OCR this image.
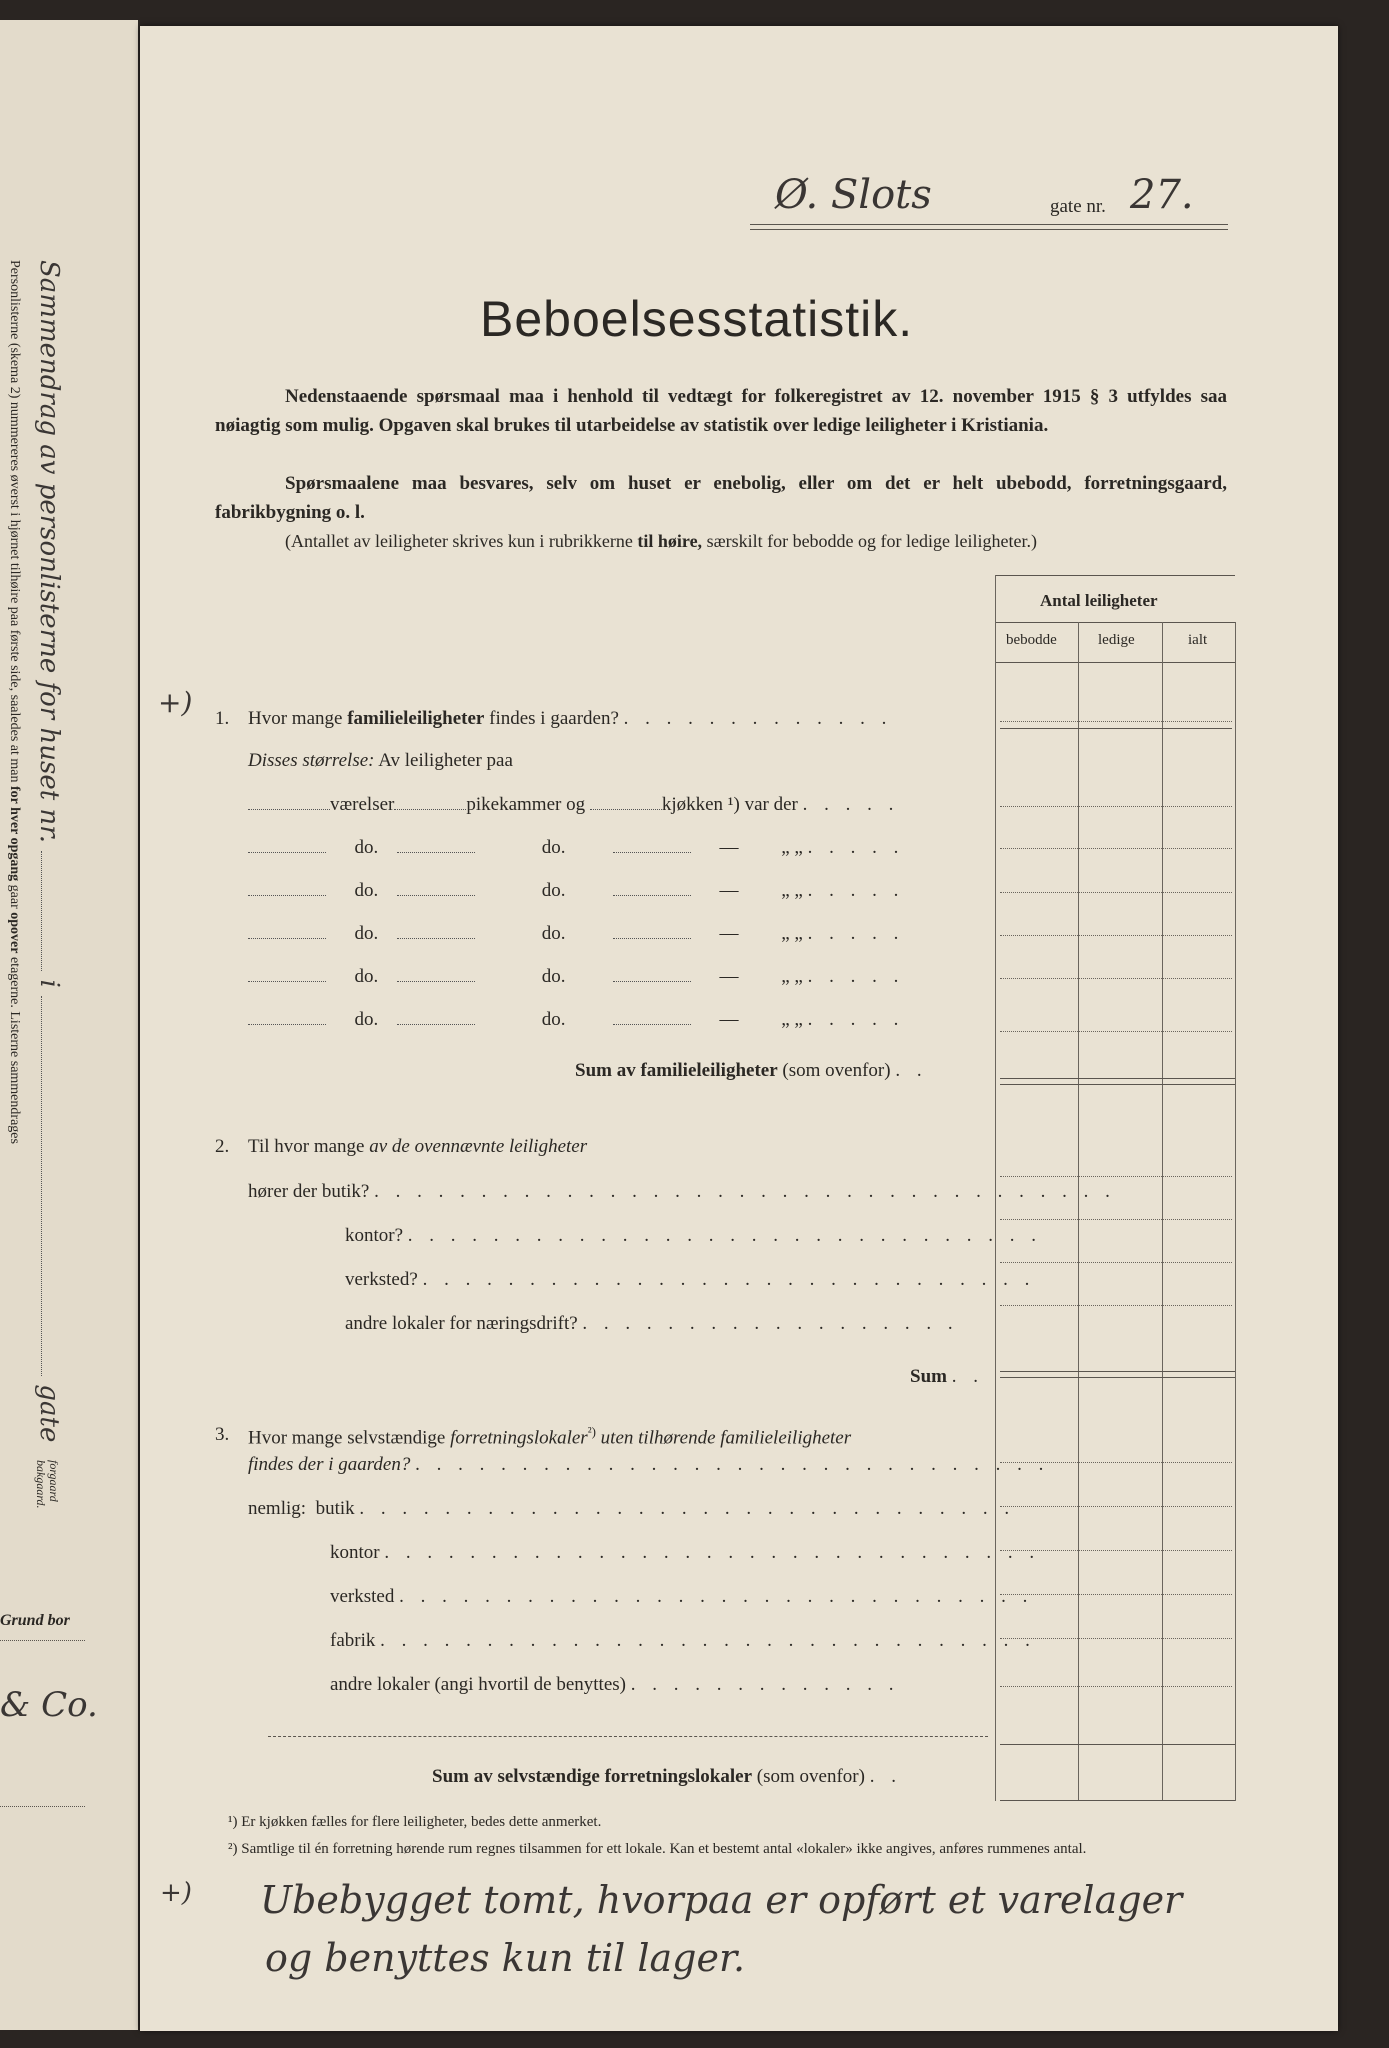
Sammendrag av personlisterne for huset nr.  i  gate
forgaard
bakgaard.
Personlisterne (skema 2) nummereres øverst i hjørnet tilhøire paa første side, saaledes at man for hver opgang gaar opover etagerne. Listerne sammendrages
Grund bor
& Co.
Ø. Slots	gate nr. 27.
Beboelsesstatistik.
Nedenstaaende spørsmaal maa i henhold til vedtægt for folkeregistret av 12. november 1915 § 3 utfyldes saa nøiagtig som mulig. Opgaven skal brukes til utarbeidelse av statistik over ledige leiligheter i Kristiania.
Spørsmaalene maa besvares, selv om huset er enebolig, eller om det er helt ubebodd, forretningsgaard, fabrikbygning o. l.
(Antallet av leiligheter skrives kun i rubrikkerne til høire, særskilt for bebodde og for ledige leiligheter.)
Antal leiligheter
bebodde	ledige	ialt
+) 1. Hvor mange familieleiligheter findes i gaarden? . . . . . . . . . . . . .
Disses størrelse: Av leiligheter paa
værelser	pikekammer og	kjøkken ¹) var der . . . . .
do.	do.	— „ „ . . . . .
do.	do.	— „ „ . . . . .
do.	do.	— „ „ . . . . .
do.	do.	— „ „ . . . . .
do.	do.	— „ „ . . . . .
Sum av familieleiligheter (som ovenfor) . .
2. Til hvor mange av de ovennævnte leiligheter
hører der butik? . . . . . . . . . . . . . . . . . . . . . . . . . . . . . . . . . . .
kontor? . . . . . . . . . . . . . . . . . . . . . . . . . . . . . .
verksted? . . . . . . . . . . . . . . . . . . . . . . . . . . . . .
andre lokaler for næringsdrift? . . . . . . . . . . . . . . . . . .
Sum . .
3. Hvor mange selvstændige forretningslokaler$^{^2)}$ uten tilhørende familieleiligheter
findes der i gaarden? . . . . . . . . . . . . . . . . . . . . . . . . . . . . . .
nemlig: butik . . . . . . . . . . . . . . . . . . . . . . . . . . . . . . .
kontor . . . . . . . . . . . . . . . . . . . . . . . . . . . . . . .
verksted . . . . . . . . . . . . . . . . . . . . . . . . . . . . . .
fabrik . . . . . . . . . . . . . . . . . . . . . . . . . . . . . . .
andre lokaler (angi hvortil de benyttes) . . . . . . . . . . . . .
Sum av selvstændige forretningslokaler (som ovenfor) . .
¹) Er kjøkken fælles for flere leiligheter, bedes dette anmerket.
²) Samtlige til én forretning hørende rum regnes tilsammen for ett lokale. Kan et bestemt antal «lokaler» ikke angives, anføres rummenes antal.
+) Ubebygget tomt, hvorpaa er opført et varelager
og benyttes kun til lager.
